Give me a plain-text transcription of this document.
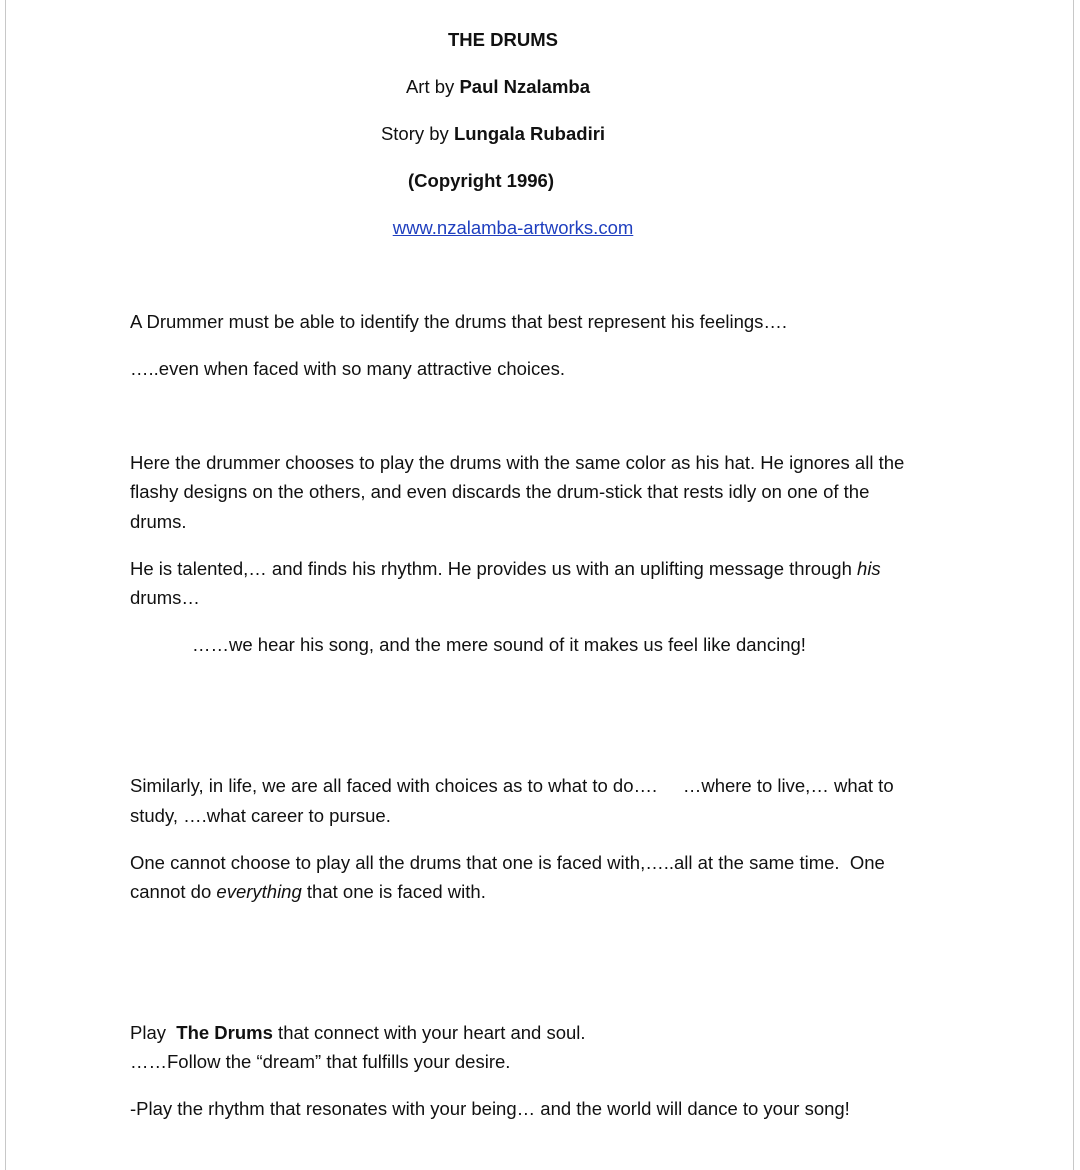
THE DRUMS

Art by Paul Nzalamba

Story by Lungala Rubadiri

(Copyright 1996)

www.nzalamba-artworks.com

A Drummer must be able to identify the drums that best represent his feelings….

…..even when faced with so many attractive choices.

Here the drummer chooses to play the drums with the same color as his hat. He ignores all the

flashy designs on the others, and even discards the drum-stick that rests idly on one of the

drums.

He is talented,… and finds his rhythm. He provides us with an uplifting message through his

drums…

……we hear his song, and the mere sound of it makes us feel like dancing!

Similarly, in life, we are all faced with choices as to what to do….     …where to live,… what to

study, ….what career to pursue.

One cannot choose to play all the drums that one is faced with,…..all at the same time.  One

cannot do everything that one is faced with.

Play  The Drums that connect with your heart and soul.

……Follow the “dream” that fulfills your desire.

-Play the rhythm that resonates with your being… and the world will dance to your song!
